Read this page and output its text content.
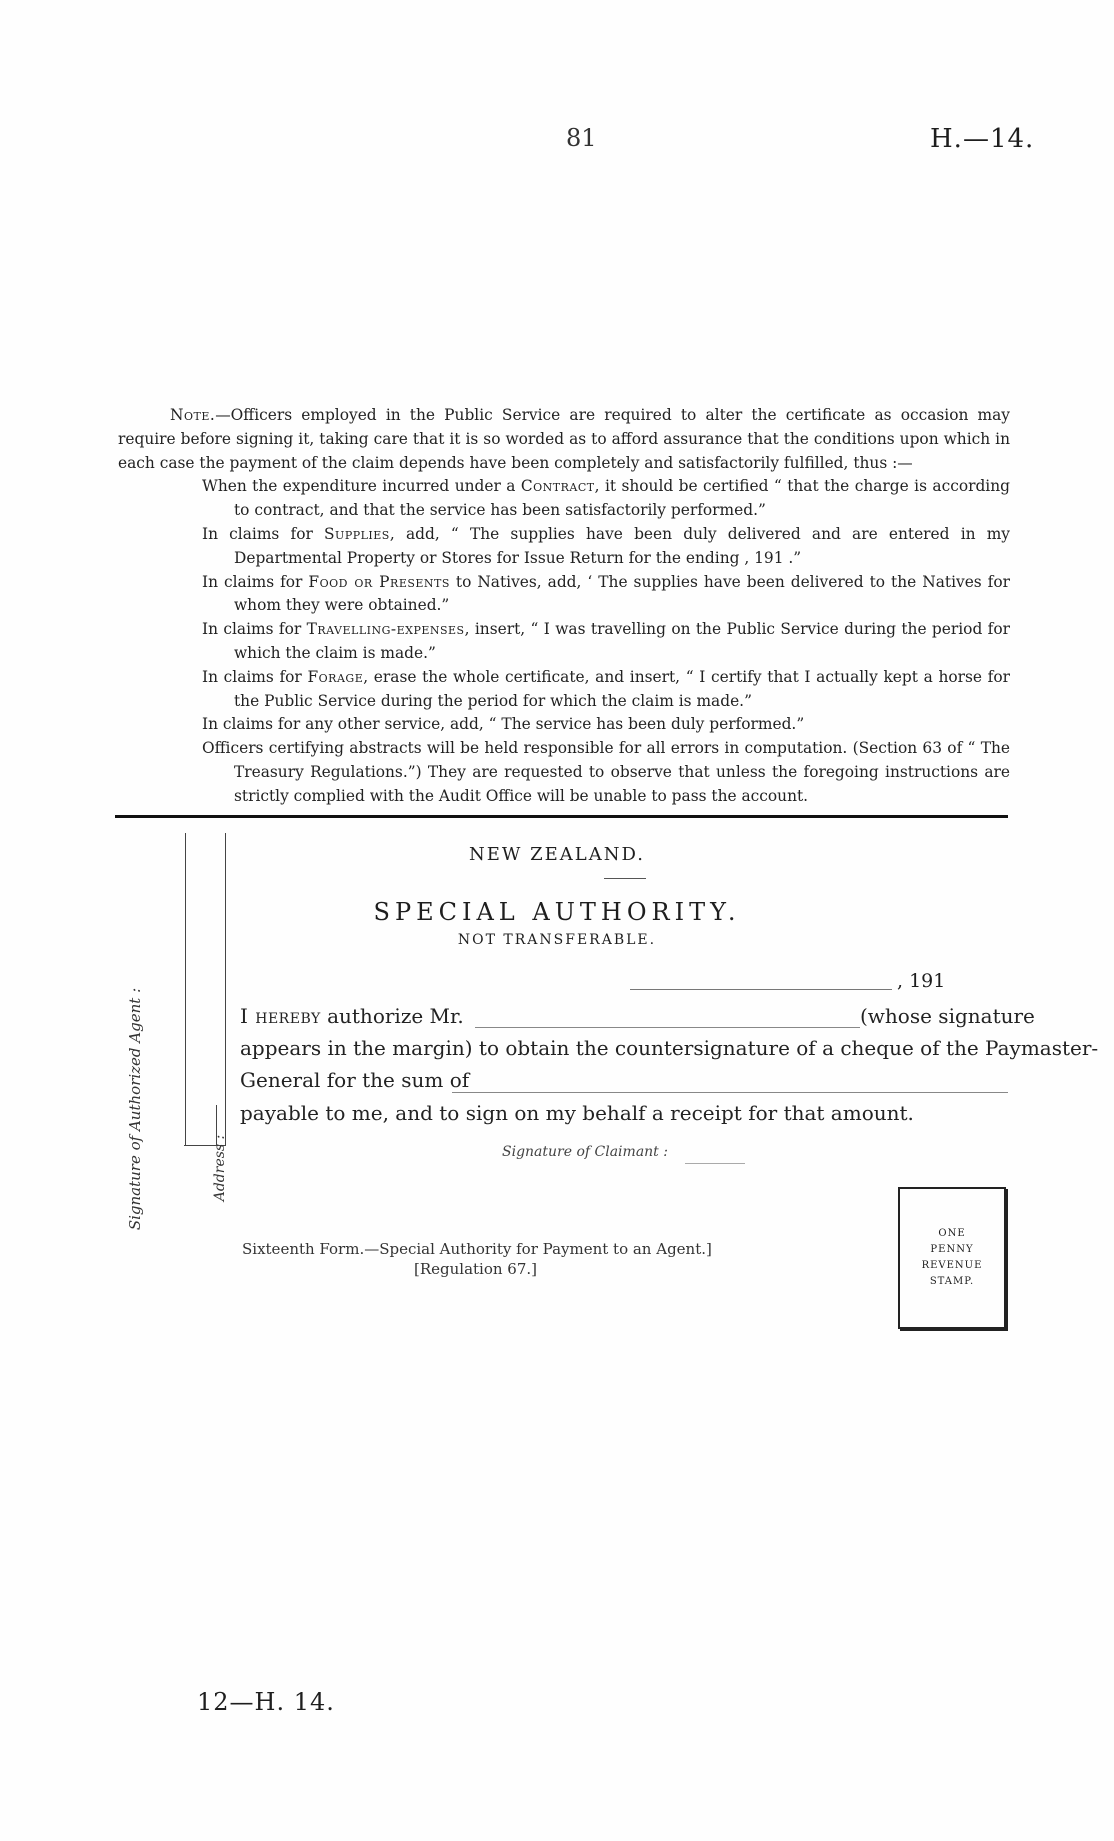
81	H.—14.

Note.—Officers employed in the Public Service are required to alter the certificate as occasion may require before signing it, taking care that it is so worded as to afford assurance that the conditions upon which in each case the payment of the claim depends have been completely and satisfactorily fulfilled, thus :—

When the expenditure incurred under a Contract, it should be certified “ that the charge is according to contract, and that the service has been satisfactorily performed.”

In claims for Supplies, add, “ The supplies have been duly delivered and are entered in my Departmental Property or Stores for Issue Return for the ending , 191 .”

In claims for Food or Presents to Natives, add, ‘ The supplies have been delivered to the Natives for whom they were obtained.”

In claims for Travelling-expenses, insert, “ I was travelling on the Public Service during the period for which the claim is made.”

In claims for Forage, erase the whole certificate, and insert, “ I certify that I actually kept a horse for the Public Service during the period for which the claim is made.”

In claims for any other service, add, “ The service has been duly performed.”

Officers certifying abstracts will be held responsible for all errors in computation. (Section 63 of “ The Treasury Regulations.”) They are requested to observe that unless the foregoing instructions are strictly complied with the Audit Office will be unable to pass the account.

Signature of Authorized Agent :	Address :
NEW ZEALAND.
SPECIAL AUTHORITY.
NOT TRANSFERABLE.
, 191
I hereby authorize Mr.	(whose signature
appears in the margin) to obtain the countersignature of a cheque of the Paymaster-
General for the sum of
payable to me, and to sign on my behalf a receipt for that amount.
Signature of Claimant :
Sixteenth Form.—Special Authority for Payment to an Agent.]
[Regulation 67.]
ONE
PENNY
REVENUE
STAMP.
12—H. 14.
